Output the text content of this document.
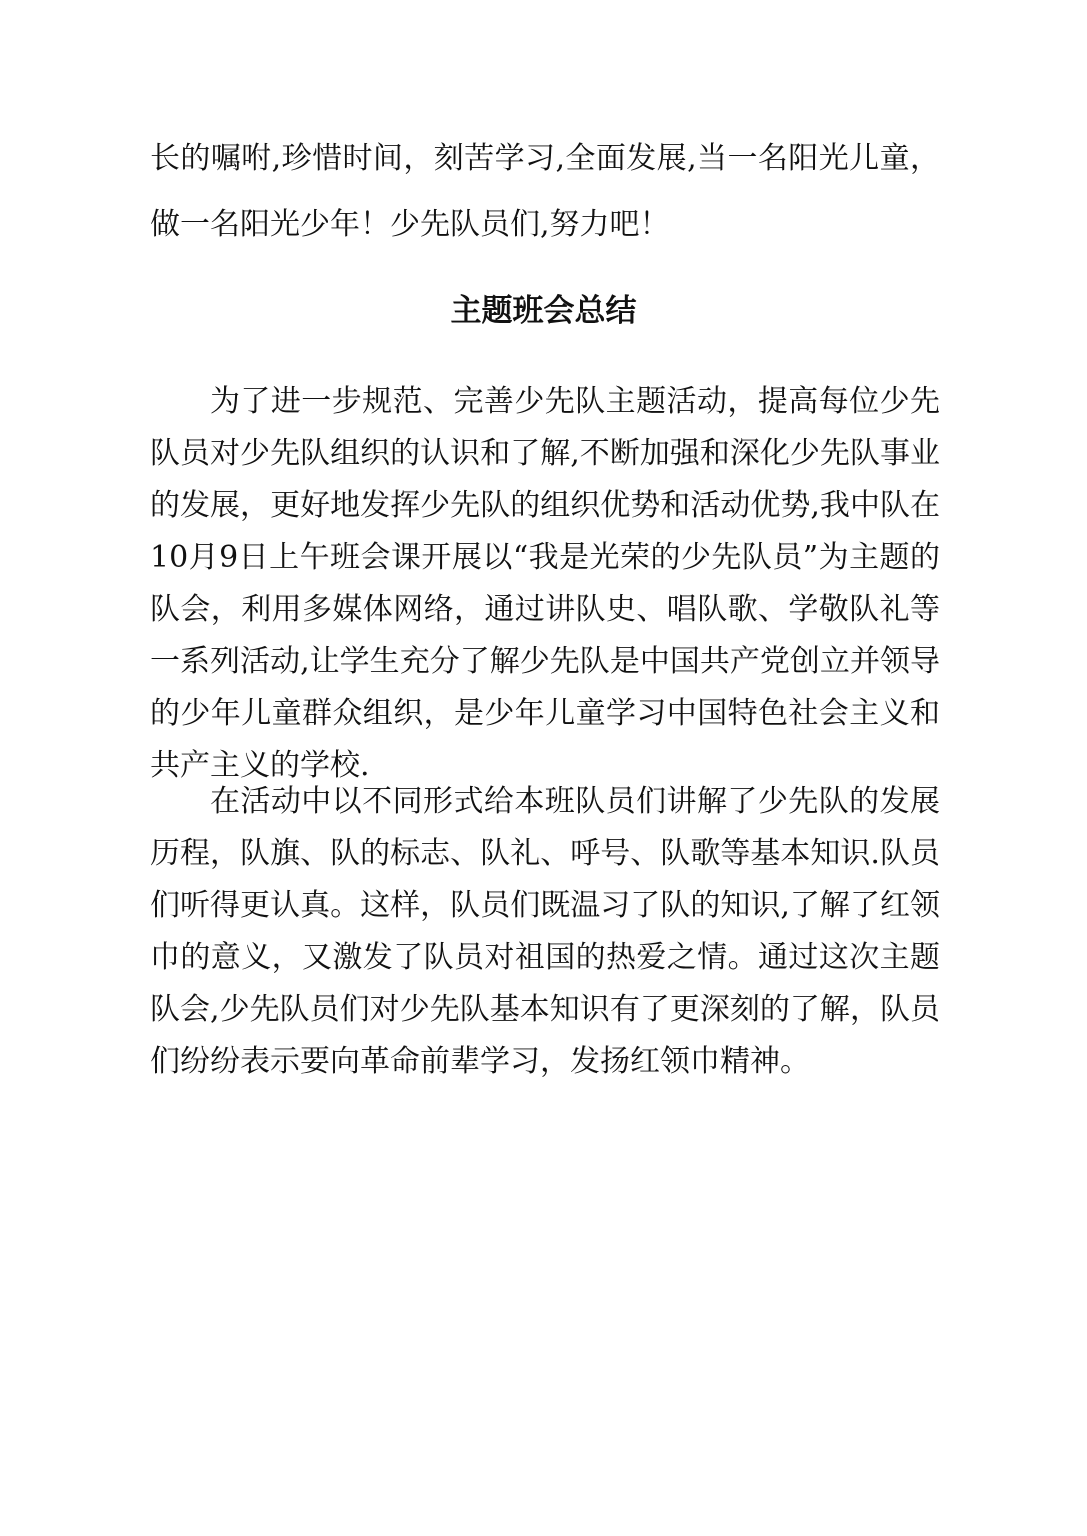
长的嘱咐,珍惜时间，刻苦学习,全面发展,当一名阳光儿童，做一名阳光少年！少先队员们,努力吧！

主题班会总结

为了进一步规范、完善少先队主题活动，提高每位少先队员对少先队组织的认识和了解,不断加强和深化少先队事业的发展，更好地发挥少先队的组织优势和活动优势,我中队在10月9日上午班会课开展以“我是光荣的少先队员”为主题的队会，利用多媒体网络，通过讲队史、唱队歌、学敬队礼等一系列活动,让学生充分了解少先队是中国共产党创立并领导的少年儿童群众组织，是少年儿童学习中国特色社会主义和共产主义的学校.

在活动中以不同形式给本班队员们讲解了少先队的发展历程，队旗、队的标志、队礼、呼号、队歌等基本知识.队员们听得更认真。这样，队员们既温习了队的知识,了解了红领巾的意义，又激发了队员对祖国的热爱之情。通过这次主题队会,少先队员们对少先队基本知识有了更深刻的了解，队员们纷纷表示要向革命前辈学习，发扬红领巾精神。
